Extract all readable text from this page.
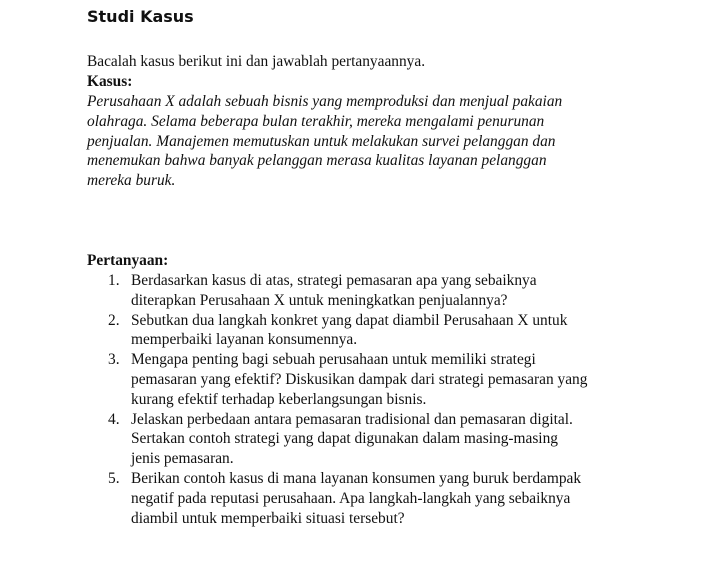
Studi Kasus
Bacalah kasus berikut ini dan jawablah pertanyaannya.
Kasus:

Perusahaan X adalah sebuah bisnis yang memproduksi dan menjual pakaian
olahraga. Selama beberapa bulan terakhir, mereka mengalami penurunan
penjualan. Manajemen memutuskan untuk melakukan survei pelanggan dan
menemukan bahwa banyak pelanggan merasa kualitas layanan pelanggan
mereka buruk.

Pertanyaan:
1. Berdasarkan kasus di atas, strategi pemasaran apa yang sebaiknya
diterapkan Perusahaan X untuk meningkatkan penjualannya?
2. Sebutkan dua langkah konkret yang dapat diambil Perusahaan X untuk
memperbaiki layanan konsumennya.
3. Mengapa penting bagi sebuah perusahaan untuk memiliki strategi
pemasaran yang efektif? Diskusikan dampak dari strategi pemasaran yang
kurang efektif terhadap keberlangsungan bisnis.
4. Jelaskan perbedaan antara pemasaran tradisional dan pemasaran digital.
Sertakan contoh strategi yang dapat digunakan dalam masing-masing
jenis pemasaran.
5. Berikan contoh kasus di mana layanan konsumen yang buruk berdampak
negatif pada reputasi perusahaan. Apa langkah-langkah yang sebaiknya
diambil untuk memperbaiki situasi tersebut?
